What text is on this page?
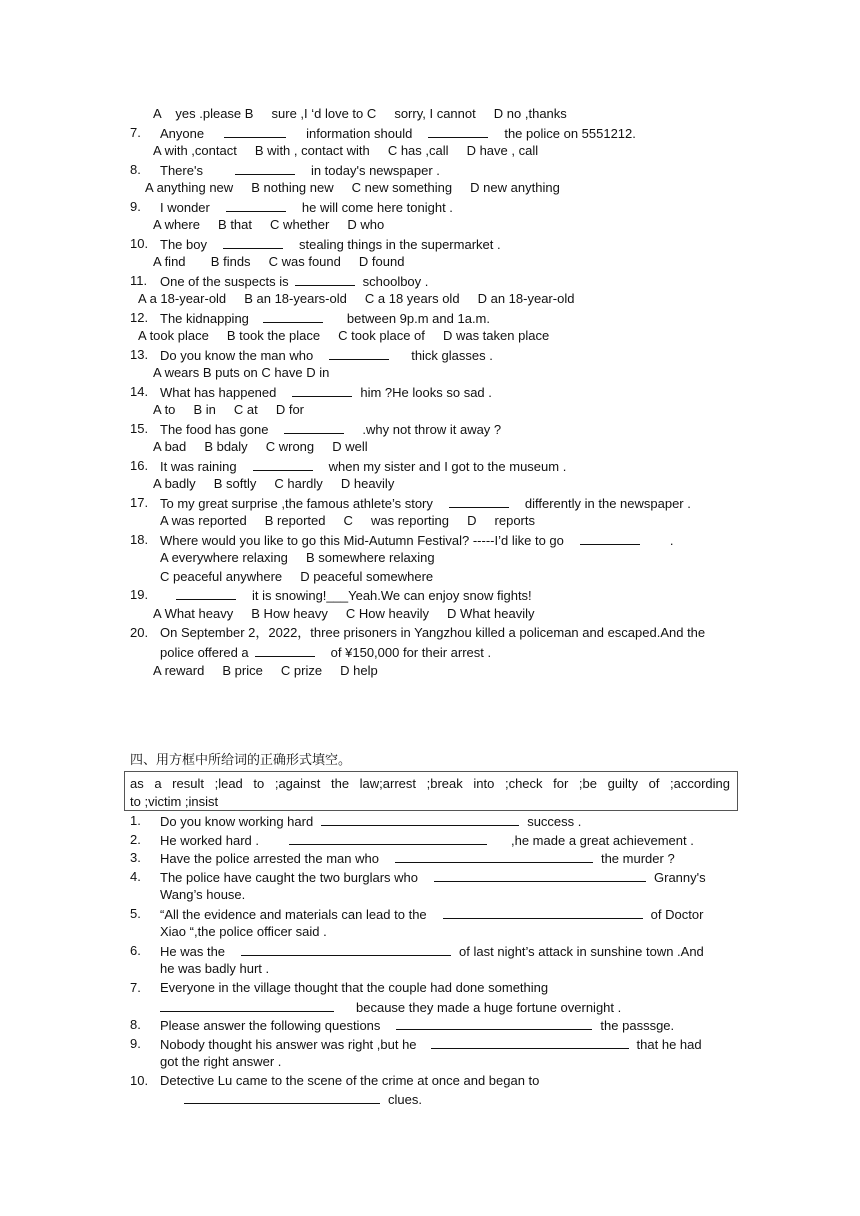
A    yes .please B     sure ,I ‘d love to C     sorry, I cannot     D no ,thanks
7. Anyone	information should	the police on 5551212.
A with ,contact     B with , contact with     C has ,call     D have , call
8. There's	in today's newspaper .
A anything new     B nothing new     C new something     D new anything
9. I wonder	he will come here tonight .
A where     B that     C whether     D who
10. The boy	stealing things in the supermarket .
A find       B finds     C was found     D found
11. One of the suspects is	schoolboy .
A a 18-year-old     B an 18-years-old     C a 18 years old     D an 18-year-old
12. The kidnapping	between 9p.m and 1a.m.
A took place     B took the place     C took place of     D was taken place
13. Do you know the man who	thick glasses .
A wears B puts on C have D in
14. What has happened	him ?He looks so sad .
A to     B in     C at     D for
15. The food has gone	.why not throw it away ?
A bad     B bdaly     C wrong     D well
16. It was raining	when my sister and I got to the museum .
A badly     B softly     C hardly     D heavily
17. To my great surprise ,the famous athlete’s story	differently in the newspaper .
A was reported     B reported     C     was reporting     D     reports
18. Where would you like to go this Mid-Autumn Festival? -----I’d like to go	.
A everywhere relaxing     B somewhere relaxing
C peaceful anywhere     D peaceful somewhere
19.	it is snowing!___Yeah.We can enjoy snow fights!
A What heavy     B How heavy     C How heavily     D What heavily
20. On September 2，2022，three prisoners in Yangzhou killed a policeman and escaped.And the
police offered a	of ¥150,000 for their arrest .
A reward     B price     C prize     D help
四、用方框中所给词的正确形式填空。
as a result ;lead to ;against the law;arrest ;break into ;check for ;be guilty of ;according
to ;victim ;insist
1. Do you know working hard	success .
2. He worked hard .	,he made a great achievement .
3. Have the police arrested the man who	the murder ?
4. The police have caught the two burglars who	Granny's
Wang’s house.
5. “All the evidence and materials can lead to the	of Doctor
Xiao “,the police officer said .
6. He was the	of last night’s attack in sunshine town .And
he was badly hurt .
7. Everyone in the village thought that the couple had done something
because they made a huge fortune overnight .
8. Please answer the following questions	the passsge.
9. Nobody thought his answer was right ,but he	that he had
got the right answer .
10. Detective Lu came to the scene of the crime at once and began to
clues.
